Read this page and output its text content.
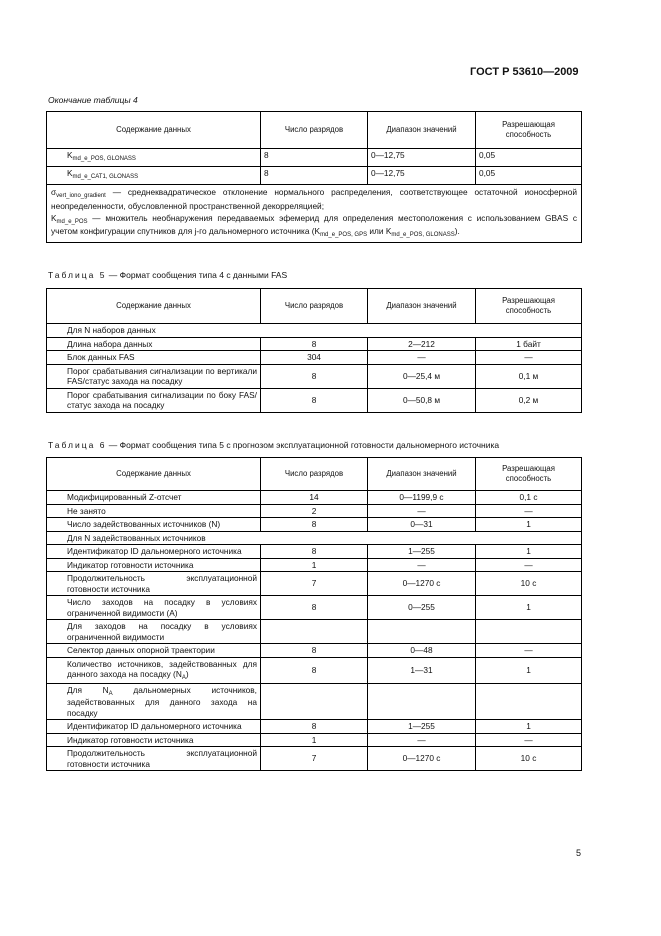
ГОСТ Р 53610—2009
Окончание таблицы 4
Содержание данных	Число разрядов	Диапазон значений	Разрешающая способность
$K_{md\_e\_POS, GLONASS}$	8	0—12,75	0,05
$K_{md\_e\_CAT1, GLONASS}$	8	0—12,75	0,05
$\sigma_{vert\_iono\_gradient}$ — среднеквадратическое отклонение нормального распределения, соответствующее остаточной ионосферной неопределенности, обусловленной пространственной декорреляцией;
$K_{md\_e\_POS}$ — множитель необнаружения передаваемых эфемерид для определения местоположения с использованием GBAS с учетом конфигурации спутников для j-го дальномерного источника ($K_{md\_e\_POS, GPS}$ или $K_{md\_e\_POS, GLONASS}$).			
Таблица 5 — Формат сообщения типа 4 с данными FAS
Содержание данных	Число разрядов	Диапазон значений	Разрешающая способность
Для N наборов данных			
Длина набора данных	8	2—212	1 байт
Блок данных FAS	304	—	—
Порог срабатывания сигнализации по вертикали FAS/статус захода на посадку	8	0—25,4 м	0,1 м
Порог срабатывания сигнализации по боку FAS/статус захода на посадку	8	0—50,8 м	0,2 м
Таблица 6 — Формат сообщения типа 5 с прогнозом эксплуатационной готовности дальномерного источника
Содержание данных	Число разрядов	Диапазон значений	Разрешающая способность
Модифицированный Z-отсчет	14	0—1199,9 с	0,1 с
Не занято	2	—	—
Число задействованных источников (N)	8	0—31	1
Для N задействованных источников			
Идентификатор ID дальномерного источника	8	1—255	1
Индикатор готовности источника	1	—	—
Продолжительность эксплуатационной готовности источника	7	0—1270 с	10 с
Число заходов на посадку в условиях ограниченной видимости (A)	8	0—255	1
Для заходов на посадку в условиях ограниченной видимости			
Селектор данных опорной траектории	8	0—48	—
Количество источников, задействованных для данного захода на посадку $(N_A)$	8	1—31	1
Для $N_A$ дальномерных источников, задействованных для данного захода на посадку			
Идентификатор ID дальномерного источника	8	1—255	1
Индикатор готовности источника	1	—	—
Продолжительность эксплуатационной готовности источника	7	0—1270 с	10 с
5
